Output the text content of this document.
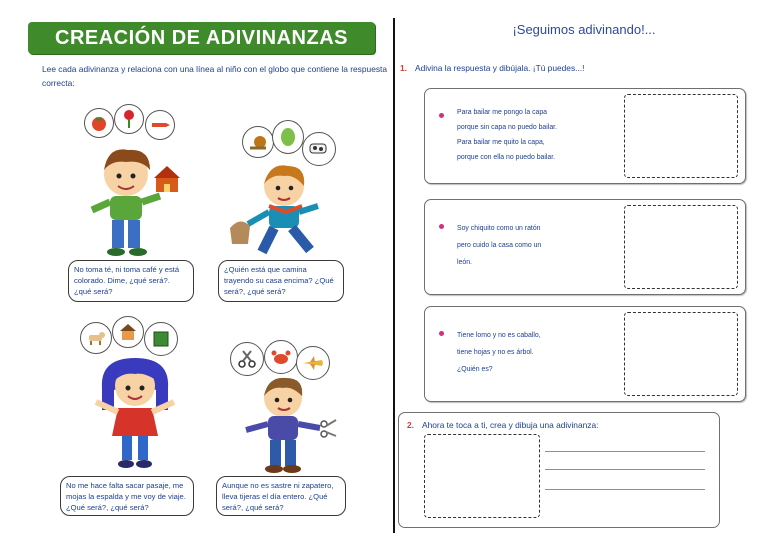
CREACIÓN DE ADIVINANZAS
Lee cada adivinanza y relaciona con una línea al niño con el globo que contiene la respuesta correcta:
No toma té, ni toma café y está colorado. Dime, ¿qué será?. ¿qué será?
¿Quién está que camina trayendo su casa encima? ¿Qué será?, ¿qué será?
No me hace falta sacar pasaje, me mojas la espalda y me voy de viaje. ¿Qué será?, ¿qué será?
Aunque no es sastre ni zapatero, lleva tijeras el día entero. ¿Qué será?, ¿qué será?
¡Seguimos adivinando!...
1. Adivina la respuesta y dibújala. ¡Tú puedes...!
Para bailar me pongo la capa
porque sin capa no puedo bailar.
Para bailar me quito la capa,
porque con ella no puedo bailar.
Soy chiquito como un ratón
pero cuido la casa como un
león.
Tiene lomo y no es caballo,
tiene hojas y no es árbol.
¿Quién es?
2. Ahora te toca a ti, crea y dibuja una adivinanza:
